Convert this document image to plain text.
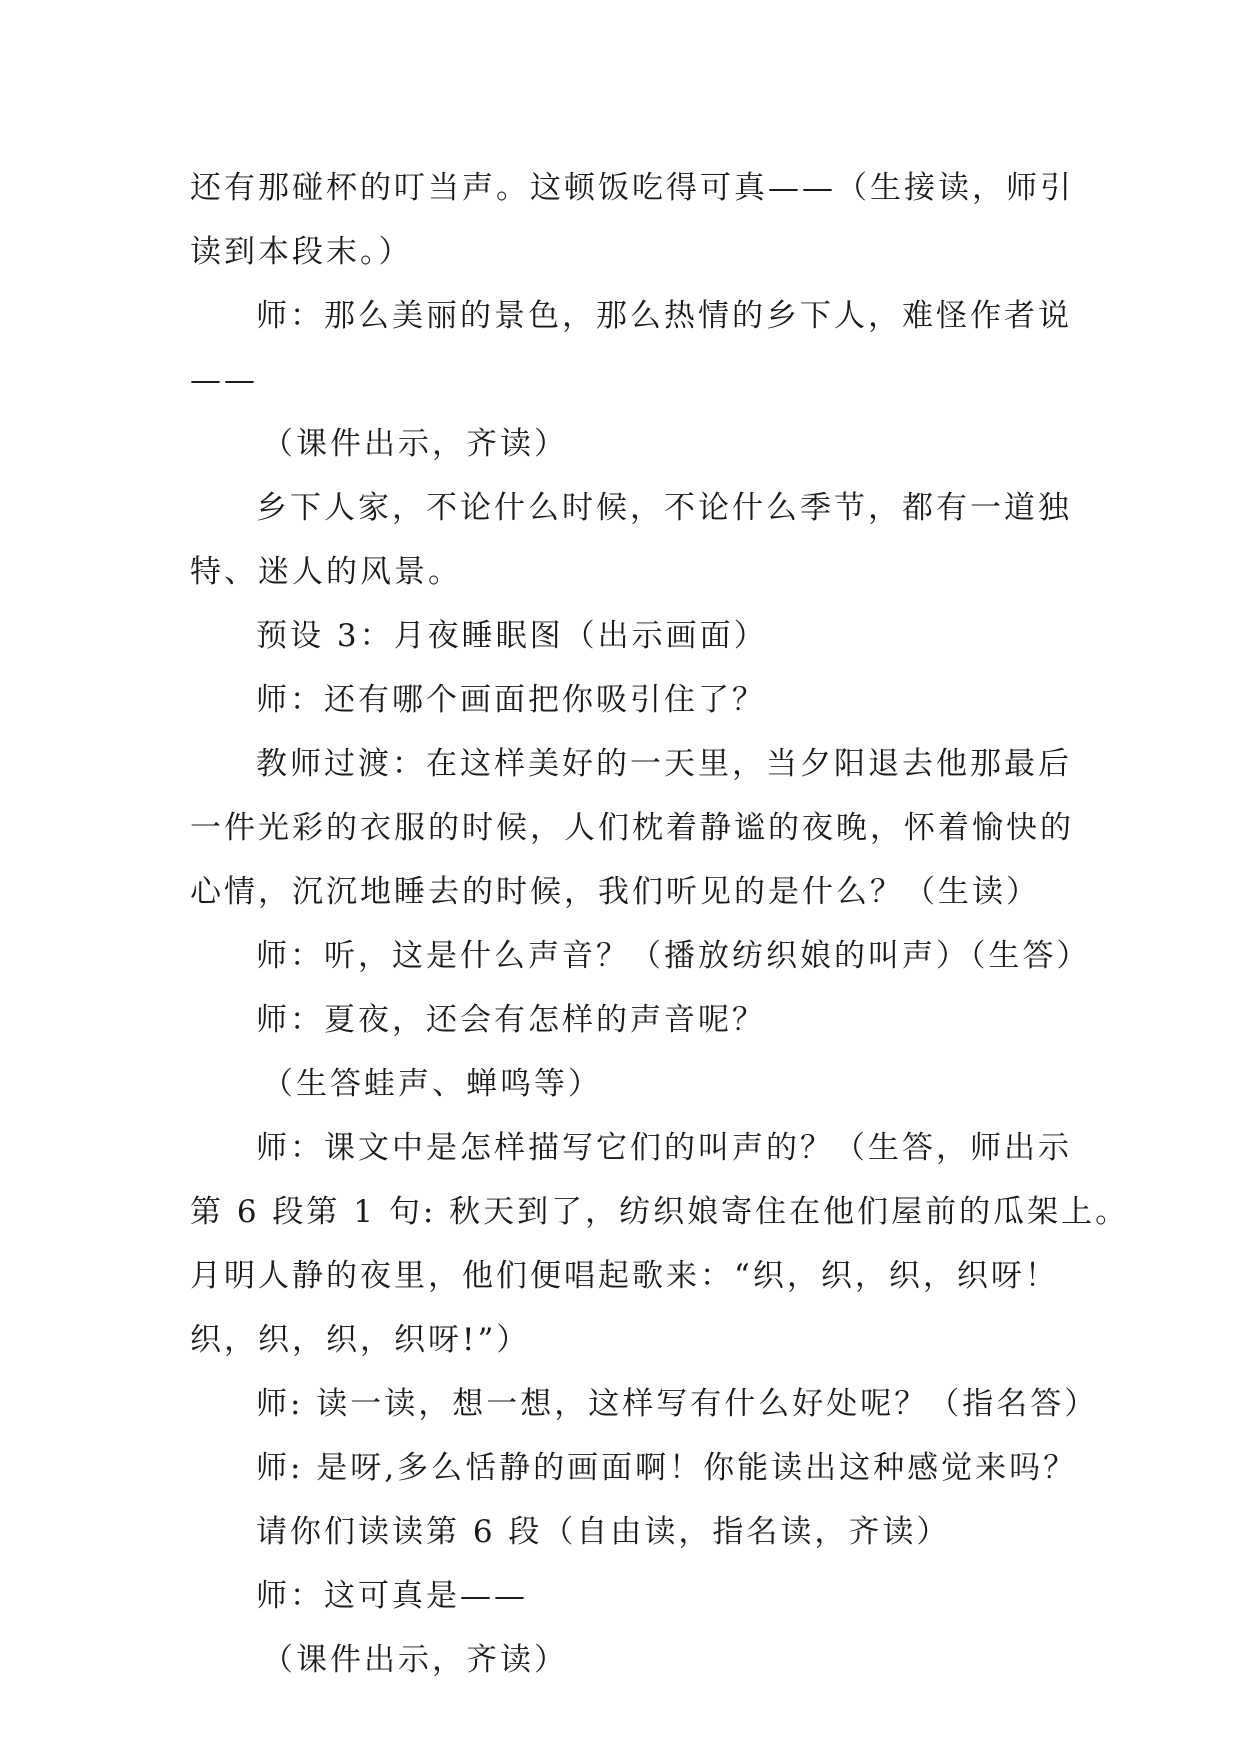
还有那碰杯的叮当声。这顿饭吃得可真——（生接读，师引
读到本段末。）
师：那么美丽的景色，那么热情的乡下人，难怪作者说
——
（课件出示，齐读）
乡下人家，不论什么时候，不论什么季节，都有一道独
特、迷人的风景。
预设 3：月夜睡眠图（出示画面）
师：还有哪个画面把你吸引住了？
教师过渡：在这样美好的一天里，当夕阳退去他那最后
一件光彩的衣服的时候，人们枕着静谧的夜晚，怀着愉快的
心情，沉沉地睡去的时候，我们听见的是什么？（生读）
师：听，这是什么声音？（播放纺织娘的叫声）（生答）
师：夏夜，还会有怎样的声音呢？
（生答蛙声、蝉鸣等）
师：课文中是怎样描写它们的叫声的？（生答，师出示
第 6 段第 1 句: 秋天到了，纺织娘寄住在他们屋前的瓜架上。
月明人静的夜里，他们便唱起歌来：“织，织，织，织呀！
织，织，织，织呀!”）
师: 读一读，想一想，这样写有什么好处呢？（指名答）
师: 是呀,多么恬静的画面啊！你能读出这种感觉来吗？
请你们读读第 6 段（自由读，指名读，齐读）
师：这可真是——
（课件出示，齐读）
